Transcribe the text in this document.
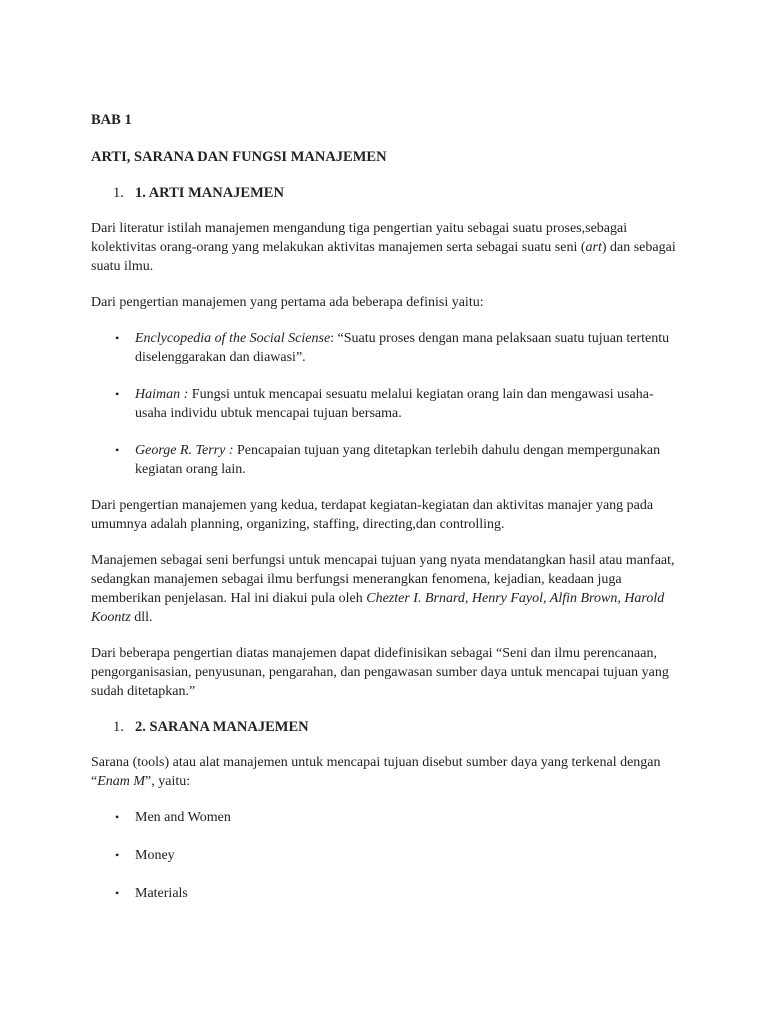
BAB 1
ARTI, SARANA DAN FUNGSI MANAJEMEN
1. 1. ARTI MANAJEMEN

Dari literatur istilah manajemen mengandung tiga pengertian yaitu sebagai suatu proses,sebagai kolektivitas orang-orang yang melakukan aktivitas manajemen serta sebagai suatu seni (art) dan sebagai suatu ilmu.

Dari pengertian manajemen yang pertama ada beberapa definisi yaitu:

•	Enclycopedia of the Social Sciense: “Suatu proses dengan mana pelaksaan suatu tujuan tertentu diselenggarakan dan diawasi”.
•	Haiman : Fungsi untuk mencapai sesuatu melalui kegiatan orang lain dan mengawasi usaha-usaha individu ubtuk mencapai tujuan bersama.
•	George R. Terry : Pencapaian tujuan yang ditetapkan terlebih dahulu dengan mempergunakan kegiatan orang lain.

Dari pengertian manajemen yang kedua, terdapat kegiatan-kegiatan dan aktivitas manajer yang pada umumnya adalah planning, organizing, staffing, directing,dan controlling.

Manajemen sebagai seni berfungsi untuk mencapai tujuan yang nyata mendatangkan hasil atau manfaat, sedangkan manajemen sebagai ilmu berfungsi menerangkan fenomena, kejadian, keadaan juga memberikan penjelasan. Hal ini diakui pula oleh Chezter I. Brnard, Henry Fayol, Alfin Brown, Harold Koontz dll.

Dari beberapa pengertian diatas manajemen dapat didefinisikan sebagai “Seni dan ilmu perencanaan, pengorganisasian, penyusunan, pengarahan, dan pengawasan sumber daya untuk mencapai tujuan yang sudah ditetapkan.”

1. 2. SARANA MANAJEMEN

Sarana (tools) atau alat manajemen untuk mencapai tujuan disebut sumber daya yang terkenal dengan “Enam M”, yaitu:

•	Men and Women
•	Money
•	Materials
